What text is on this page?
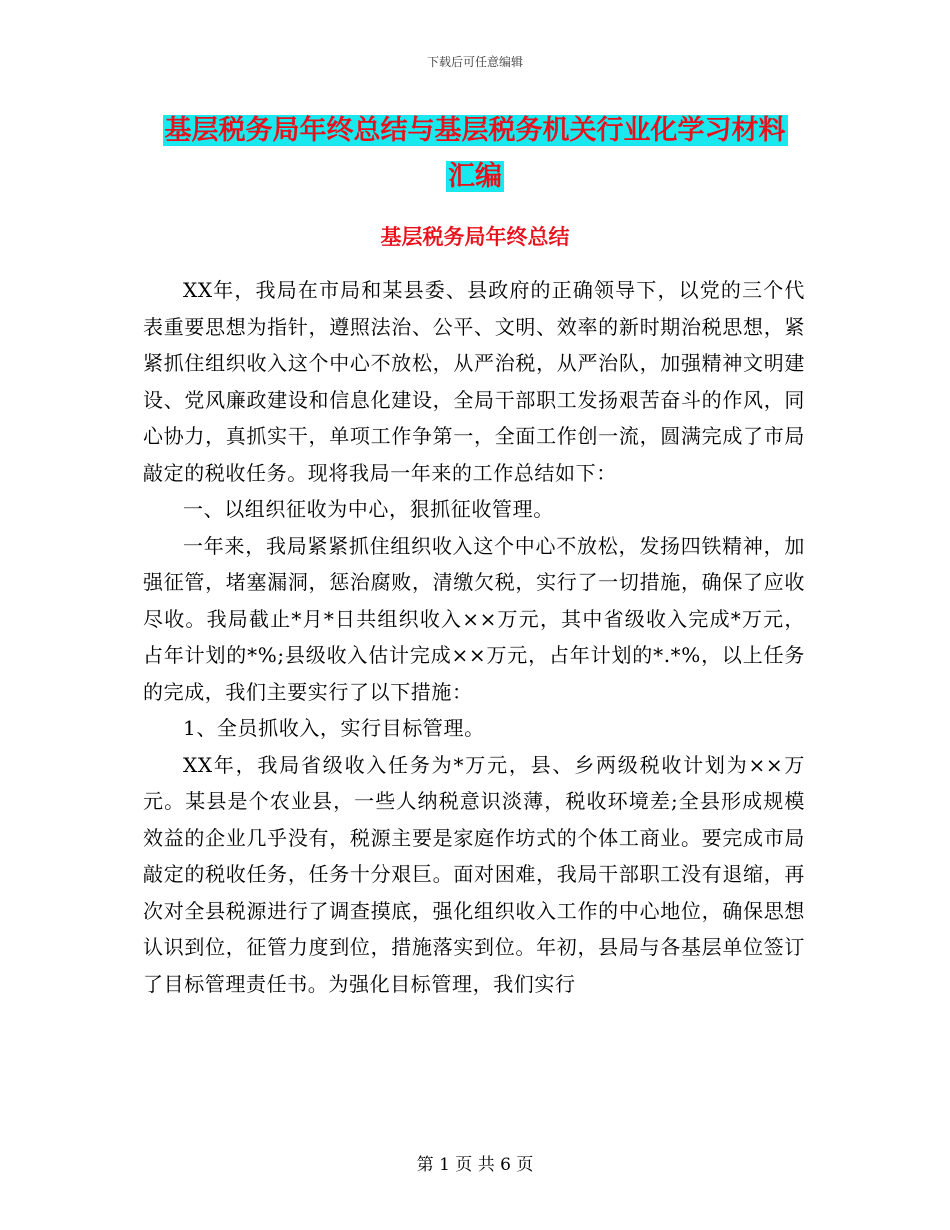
下载后可任意编辑
基层税务局年终总结与基层税务机关行业化学习材料
汇编
基层税务局年终总结

XX年，我局在市局和某县委、县政府的正确领导下，以党的三个代表重要思想为指针，遵照法治、公平、文明、效率的新时期治税思想，紧紧抓住组织收入这个中心不放松，从严治税，从严治队，加强精神文明建设、党风廉政建设和信息化建设，全局干部职工发扬艰苦奋斗的作风，同心协力，真抓实干，单项工作争第一，全面工作创一流，圆满完成了市局敲定的税收任务。现将我局一年来的工作总结如下：

一、以组织征收为中心，狠抓征收管理。

一年来，我局紧紧抓住组织收入这个中心不放松，发扬四铁精神，加强征管，堵塞漏洞，惩治腐败，清缴欠税，实行了一切措施，确保了应收尽收。我局截止*月*日共组织收入××万元，其中省级收入完成*万元，占年计划的*%;县级收入估计完成××万元，占年计划的*.*%，以上任务的完成，我们主要实行了以下措施：

1、全员抓收入，实行目标管理。

XX年，我局省级收入任务为*万元，县、乡两级税收计划为××万元。某县是个农业县，一些人纳税意识淡薄，税收环境差;全县形成规模效益的企业几乎没有，税源主要是家庭作坊式的个体工商业。要完成市局敲定的税收任务，任务十分艰巨。面对困难，我局干部职工没有退缩，再次对全县税源进行了调查摸底，强化组织收入工作的中心地位，确保思想认识到位，征管力度到位，措施落实到位。年初，县局与各基层单位签订了目标管理责任书。为强化目标管理，我们实行

第 1 页 共 6 页
